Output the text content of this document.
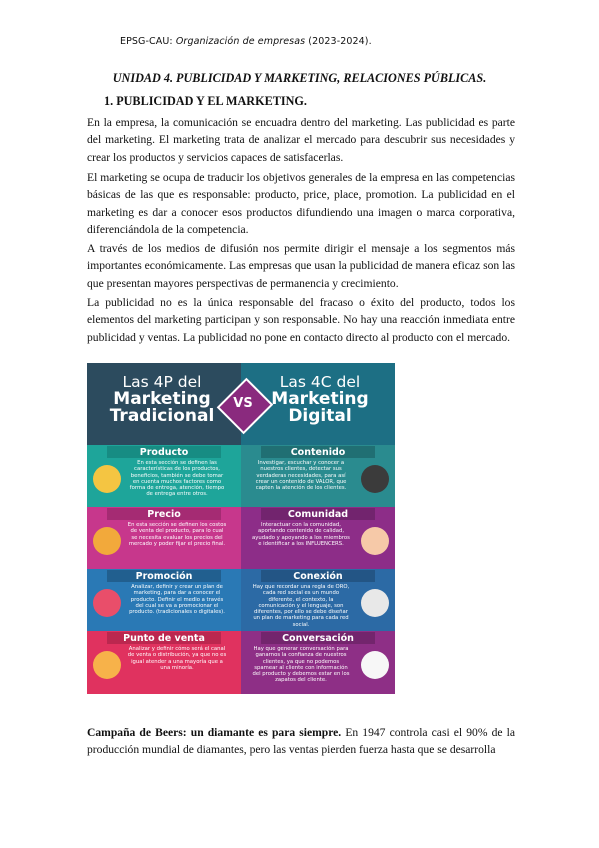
EPSG-CAU: Organización de empresas (2023-2024).
UNIDAD 4. PUBLICIDAD Y MARKETING, RELACIONES PÚBLICAS.
1. PUBLICIDAD Y EL MARKETING.
En la empresa, la comunicación se encuadra dentro del marketing. Las publicidad es parte del marketing. El marketing trata de analizar el mercado para descubrir sus necesidades y crear los productos y servicios capaces de satisfacerlas.
El marketing se ocupa de traducir los objetivos generales de la empresa en las competencias básicas de las que es responsable: producto, price, place, promotion. La publicidad en el marketing es dar a conocer esos productos difundiendo una imagen o marca corporativa, diferenciándola de la competencia.
A través de los medios de difusión nos permite dirigir el mensaje a los segmentos más importantes económicamente. Las empresas que usan la publicidad de manera eficaz son las que presentan mayores perspectivas de permanencia y crecimiento.
La publicidad no es la única responsable del fracaso o éxito del producto, todos los elementos del marketing participan y son responsable. No hay una reacción inmediata entre publicidad y ventas. La publicidad no pone en contacto directo al producto con el mercado.
Las 4P del
Marketing
Tradicional
Las 4C del
Marketing
Digital
VS
Producto
En esta sección se definen las características de los productos, beneficios, también se debe tomar en cuenta muchos factores como forma de entrega, atención, tiempo de entrega entre otros.
Contenido
Investigar, escuchar y conocer a nuestros clientes, detectar sus verdaderas necesidades, para así crear un contenido de VALOR, que capten la atención de los clientes.
Precio
En esta sección se definen los costos de venta del producto, para lo cual se necesita evaluar los precios del mercado y poder fijar el precio final.
Comunidad
Interactuar con la comunidad, aportando contenido de calidad, ayudado y apoyando a los miembros e identificar a los INFLUENCERS.
Promoción
Analizar, definir y crear un plan de marketing, para dar a conocer el producto. Definir el medio a través del cual se va a promocionar el producto. (tradicionales o digitales).
Conexión
Hay que recordar una regla de ORO, cada red social es un mundo diferente, el contexto, la comunicación y el lenguaje, son diferentes, por ello se debe diseñar un plan de marketing para cada red social.
Punto de venta
Analizar y definir cómo será el canal de venta o distribución, ya que no es igual atender a una mayoría que a una minoría.
Conversación
Hay que generar conversación para ganarnos la confianza de nuestros clientes, ya que no podemos spamear al cliente con información del producto y debemos estar en los zapatos del cliente.
Campaña de Beers: un diamante es para siempre. En 1947 controla casi el 90% de la producción mundial de diamantes, pero las ventas pierden fuerza hasta que se desarrolla
